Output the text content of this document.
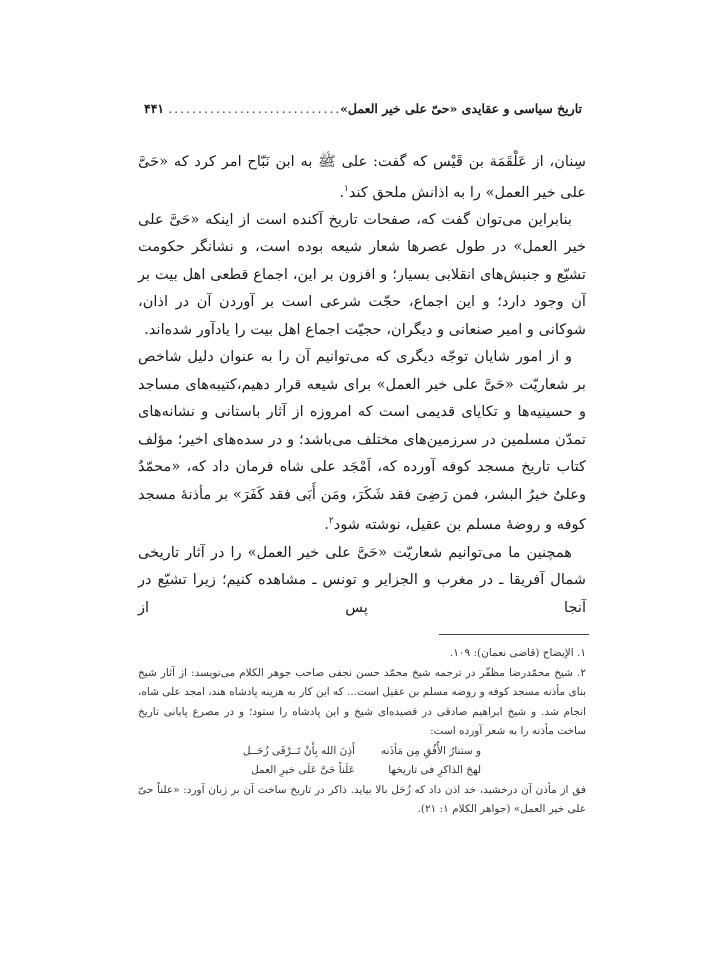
تاریخ سیاسی و عقایدی «حیّ علی خیر العمل»
.....
۴۴۱

سِنان، از عَلْقَمَة بن قَیْس که گفت: علی ﷺ به ابن نَبّاح امر کرد که «حَیَّ علی خیر العمل» را به اذانش ملحق کند$^۱$.

بنابراین می‌توان گفت که، صفحات تاریخ آکنده است از اینکه «حَیَّ علی خیر العمل» در طول عصرها شعار شیعه بوده است، و نشانگر حکومت تشیّع و جنبش‌های انقلابی بسیار؛ و افزون بر این، اجماع قطعی اهل بیت بر آن وجود دارد؛ و این اجماع، حجّت شرعی است بر آوردن آن در اذان، شوکانی و امیر صنعانی و دیگران، حجیّت اجماع اهل بیت را یادآور شده‌اند.

و از امور شایان توجّه دیگری که می‌توانیم آن را به عنوان دلیل شاخص بر شعاریّت «حَیَّ علی خیر العمل» برای شیعه قرار دهیم،کتیبه‌های مساجد و حسینیه‌ها و تکایای قدیمی است که امروزه از آثار باستانی و نشانه‌های تمدّن مسلمین در سرزمین‌های مختلف می‌باشد؛ و در سده‌های اخیر؛ مؤلف کتاب تاریخ مسجد کوفه آورده که، اَمْجَد علی شاه فرمان داد که، «محمّدٌ وعلیٌ خیرُ البشر، فمن رَضِیَ فقد شَکَرَ، ومَن أَبَی فقد کَفَرَ» بر مأذنۀ مسجد کوفه و روضۀ مسلم بن عقیل، نوشته شود$^۲$.

همچنین ما می‌توانیم شعاریّت «حَیَّ علی خیر العمل» را در آثار تاریخی شمال آفریقا ـ در مغرب و الجزایر و تونس ـ مشاهده کنیم؛ زیرا تشیّع در آنجا پس از

۱. الإیضاح (قاضی نعمان): ۱۰۹.

۲. شیخ محمّدرضا مظفّر در ترجمه شیخ محمّد حسن نجفی صاحب جوهر الکلام می‌نویسد: از آثار شیخ بنای مأذنه مسجد کوفه و روضه مسلم بن عقیل است... که این کار به هزینه پادشاه هند، امجد علی شاه، انجام شد. و شیخ ابراهیم صادقی در قصیده‌ای شیخ و این پادشاه را ستود؛ و در مصرع پایانی تاریخ ساخت مأذنه را به شعر آورده است:

و ستنارُ الأُفُقِ مِن مَأذَنه
أَذِنَ الله بِأَنْ تَــرْقَی زُحَــل
لهجَ الذاکرِ فی تاریخها
عَلَناً حَیَّ عَلَی خیرِ العمل

فق از مأذن آن درخشید، خد اذن داد که زُحَل بالا بیاید. ذاکر در تاریخ ساخت آن بر زبان آورد: «علناً حیّ علی خیر العمل» (جواهر الکلام ۱: ۲۱).
